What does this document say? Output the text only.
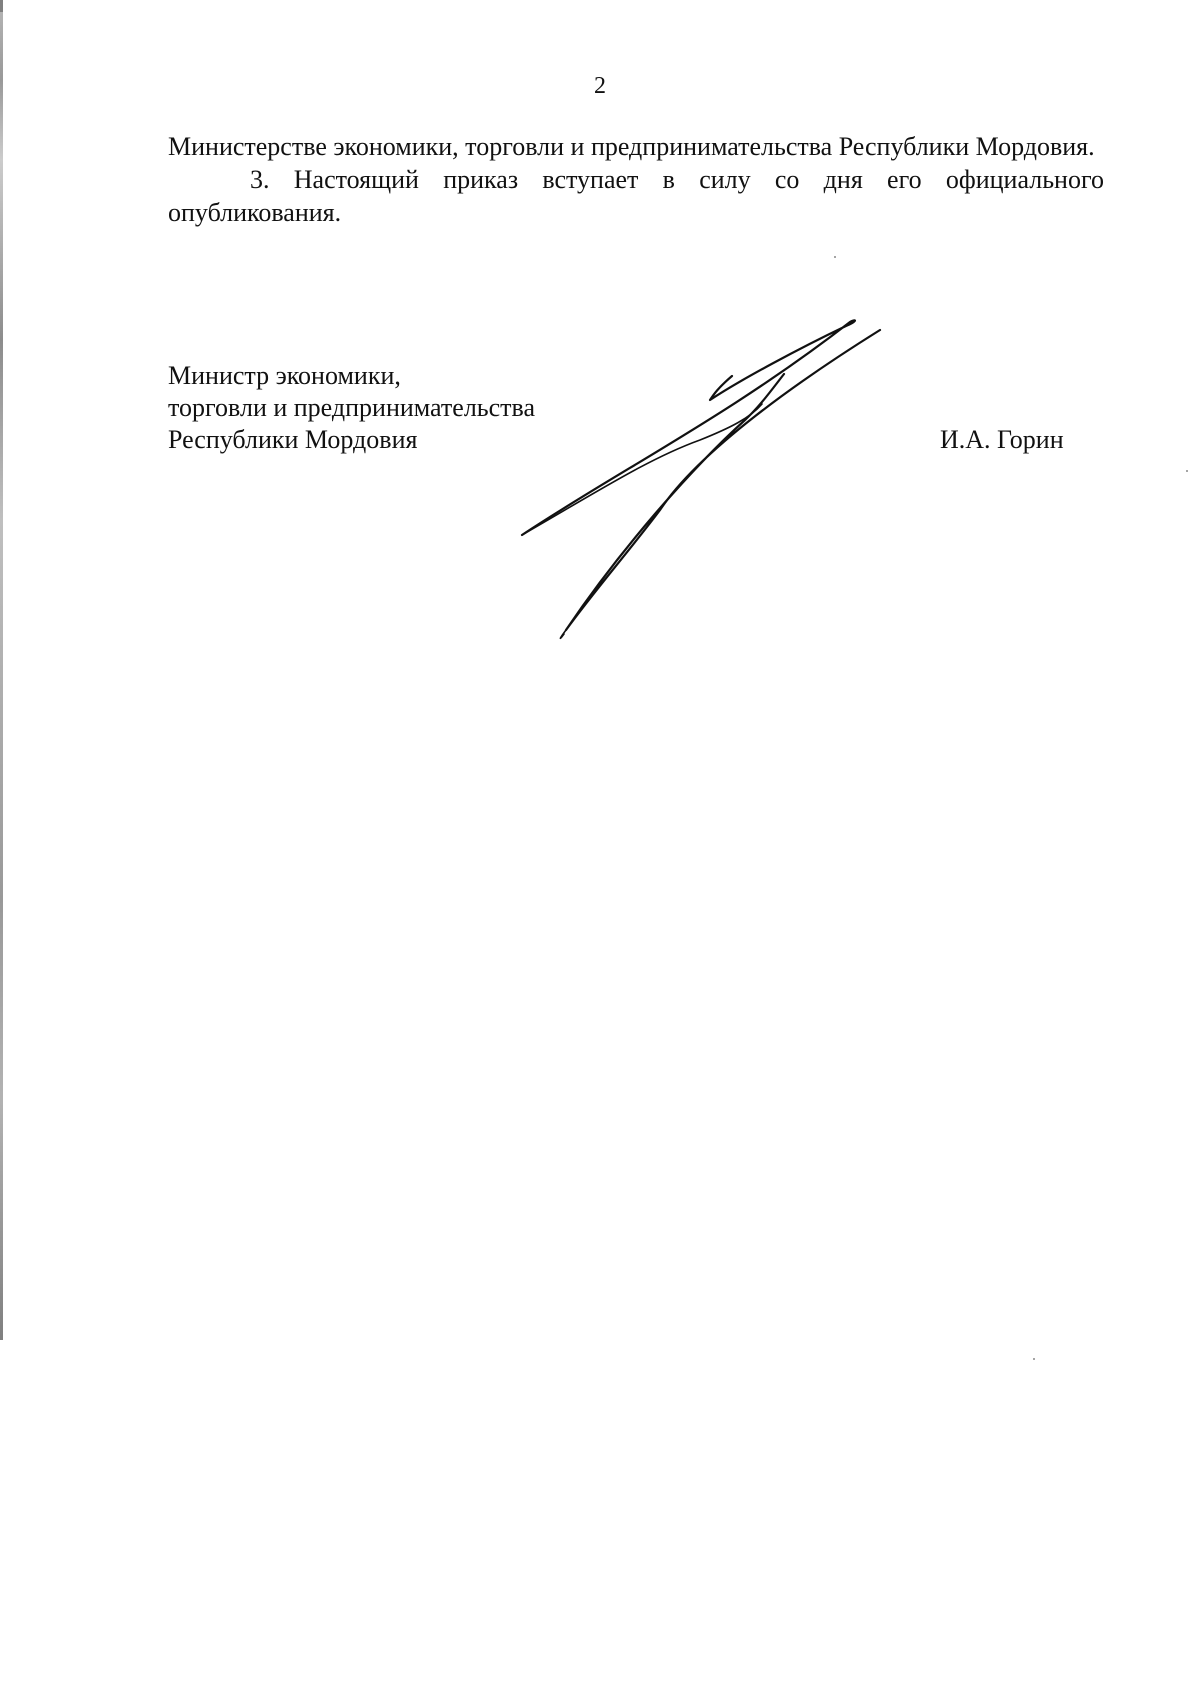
2

Министерстве экономики, торговли и предпринимательства Республики Мордовия.

3. Настоящий приказ вступает в силу со дня его официального опубликования.

Министр экономики,
торговли и предпринимательства
Республики Мордовия	И.А. Горин
